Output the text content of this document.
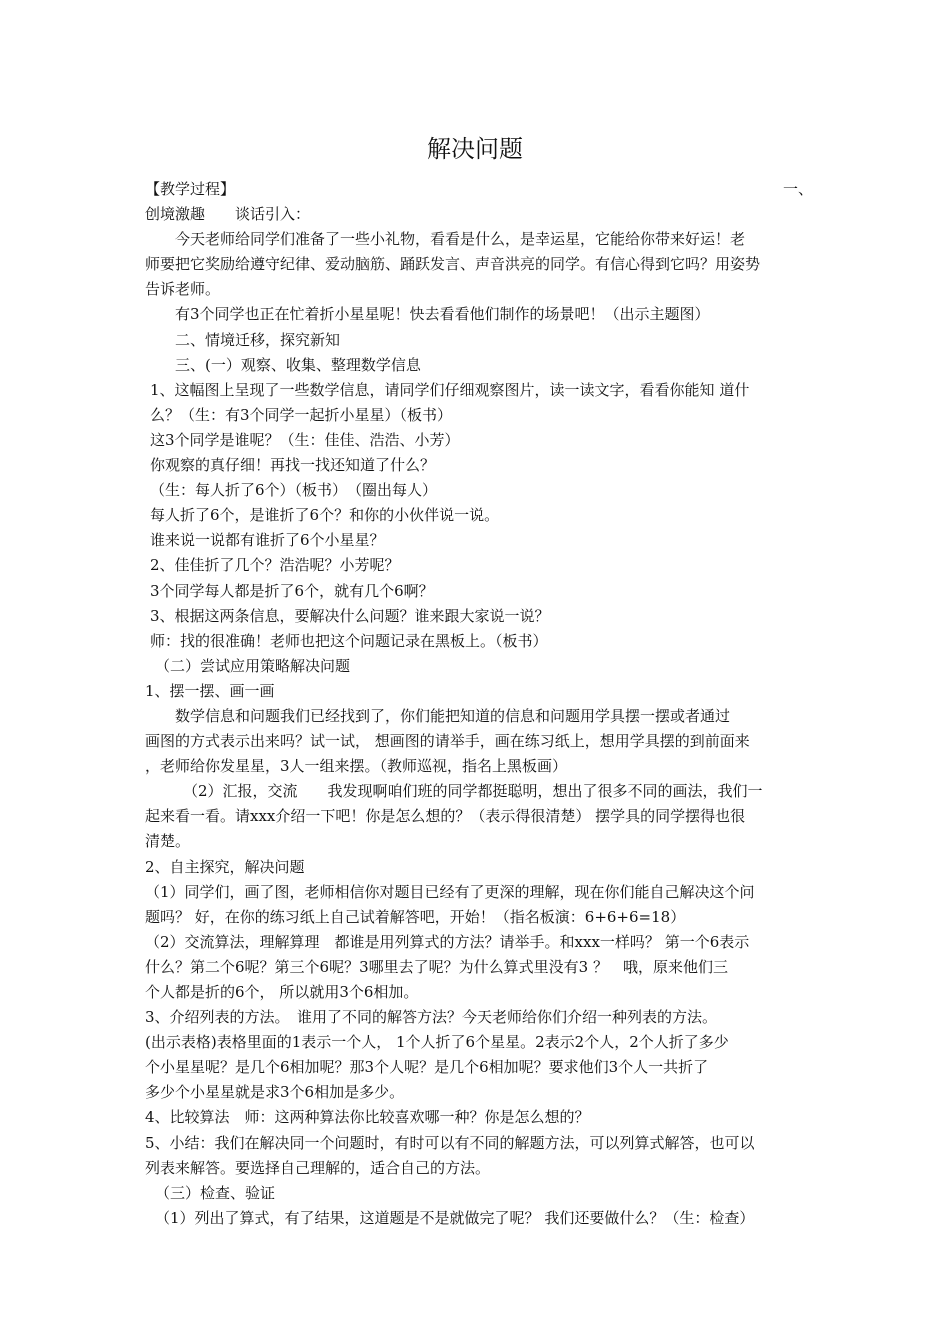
解决问题
【教学过程】	一、
创境激趣　　谈话引入：
今天老师给同学们准备了一些小礼物，看看是什么，是幸运星，它能给你带来好运！老
师要把它奖励给遵守纪律、爱动脑筋、踊跃发言、声音洪亮的同学。有信心得到它吗？用姿势
告诉老师。
有3个同学也正在忙着折小星星呢！快去看看他们制作的场景吧！（出示主题图）
二、情境迁移，探究新知
三、(一）观察、收集、整理数学信息
1、这幅图上呈现了一些数学信息，请同学们仔细观察图片，读一读文字，看看你能知 道什
么？（生：有3个同学一起折小星星）（板书）
这3个同学是谁呢？（生：佳佳、浩浩、小芳）
你观察的真仔细！再找一找还知道了什么？
（生：每人折了6个）（板书）　（圈出每人）
每人折了6个，是谁折了6个？和你的小伙伴说一说。
谁来说一说都有谁折了6个小星星？
2、佳佳折了几个？浩浩呢？小芳呢？
3个同学每人都是折了6个，就有几个6啊？
3、根据这两条信息，要解决什么问题？谁来跟大家说一说？
师：找的很准确！老师也把这个问题记录在黑板上。（板书）
（二）尝试应用策略解决问题
1、摆一摆、画一画
数学信息和问题我们已经找到了，你们能把知道的信息和问题用学具摆一摆或者通过
画图的方式表示出来吗？试一试， 想画图的请举手，画在练习纸上，想用学具摆的到前面来
，老师给你发星星，3人一组来摆。（教师巡视，指名上黑板画）
（2）汇报，交流　　我发现啊咱们班的同学都挺聪明，想出了很多不同的画法，我们一
起来看一看。请xxx介绍一下吧！你是怎么想的？（表示得很清楚） 摆学具的同学摆得也很
清楚。
2、自主探究，解决问题
（1）同学们，画了图，老师相信你对题目已经有了更深的理解，现在你们能自己解决这个问
题吗？ 好，在你的练习纸上自己试着解答吧，开始！（指名板演：6+6+6=18）
（2）交流算法，理解算理　都谁是用列算式的方法？请举手。和xxx一样吗？ 第一个6表示
什么？第二个6呢？第三个6呢？3哪里去了呢？为什么算式里没有3 ？　哦，原来他们三
个人都是折的6个， 所以就用3个6相加。
3、介绍列表的方法。　谁用了不同的解答方法？今天老师给你们介绍一种列表的方法。
(出示表格)表格里面的1表示一个人， 1个人折了6个星星。2表示2个人，2个人折了多少
个小星星呢？是几个6相加呢？那3个人呢？是几个6相加呢？要求他们3个人一共折了
多少个小星星就是求3个6相加是多少。
4、比较算法　师：这两种算法你比较喜欢哪一种？你是怎么想的？
5、小结：我们在解决同一个问题时，有时可以有不同的解题方法，可以列算式解答，也可以
列表来解答。要选择自己理解的，适合自己的方法。
（三）检查、验证
（1）列出了算式，有了结果，这道题是不是就做完了呢？ 我们还要做什么？（生：检查）
